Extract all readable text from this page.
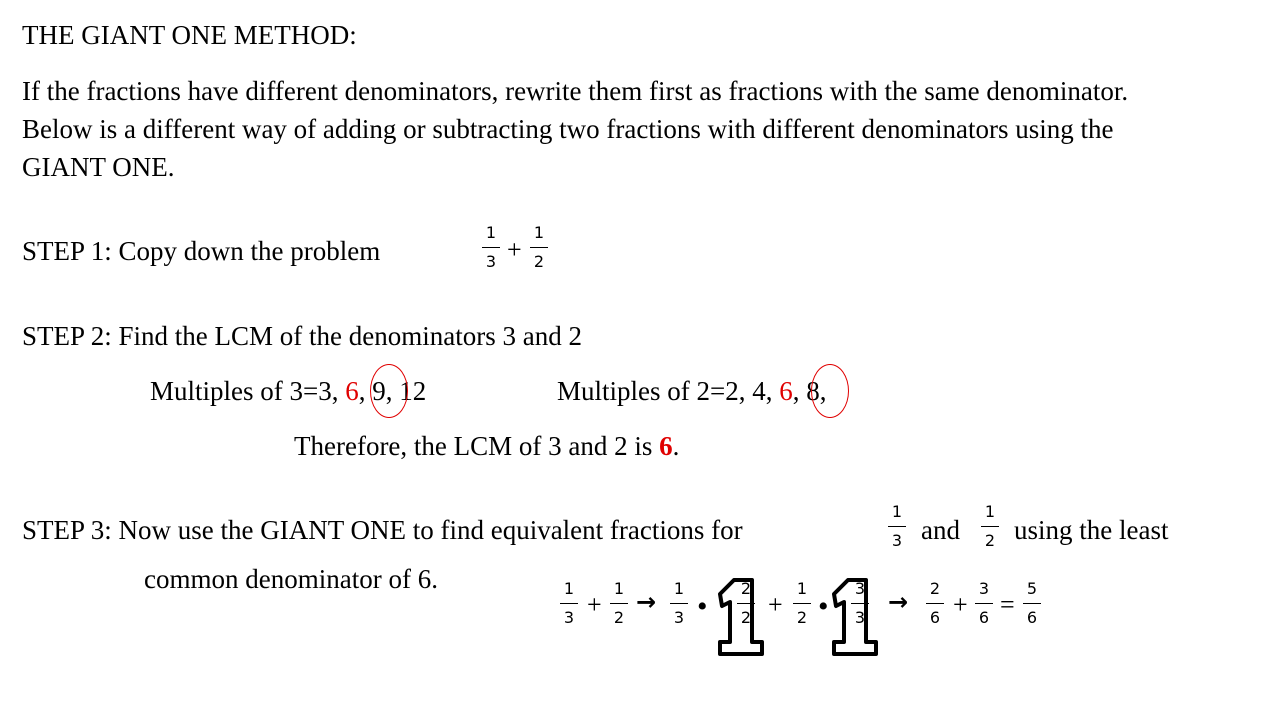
THE GIANT ONE METHOD:
If the fractions have different denominators, rewrite them first as fractions with the same denominator. Below is a different way of adding or subtracting two fractions with different denominators using the GIANT ONE.
STEP 1: Copy down the problem
1
3 +
1
2
STEP 2: Find the LCM of the denominators 3 and 2
Multiples of 3=3, 6, 9, 12	Multiples of 2=2, 4, 6, 8,
Therefore, the LCM of 3 and 2 is 6.
STEP 3: Now use the GIANT ONE to find equivalent fractions for
1
3 and
1
2 using the least
common denominator of 6.	1
3 +
1
2
→ 1
3 •
2
2 +
1
2 •
3
3
→ 2
6 +
3
6 =
5
6
